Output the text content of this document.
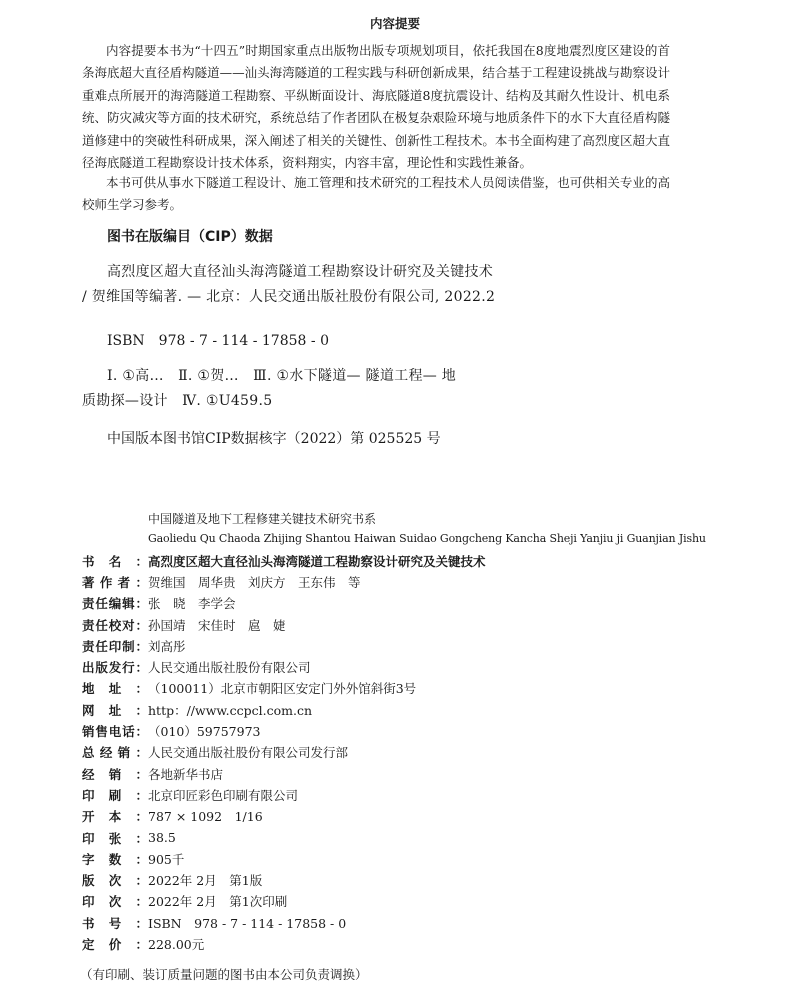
内容提要
内容提要本书为“十四五”时期国家重点出版物出版专项规划项目，依托我国在8度地震烈度区建设的首条海底超大直径盾构隧道——汕头海湾隧道的工程实践与科研创新成果，结合基于工程建设挑战与勘察设计重难点所展开的海湾隧道工程勘察、平纵断面设计、海底隧道8度抗震设计、结构及其耐久性设计、机电系统、防灾减灾等方面的技术研究，系统总结了作者团队在极复杂艰险环境与地质条件下的水下大直径盾构隧道修建中的突破性科研成果，深入阐述了相关的关键性、创新性工程技术。本书全面构建了高烈度区超大直径海底隧道工程勘察设计技术体系，资料翔实，内容丰富，理论性和实践性兼备。
本书可供从事水下隧道工程设计、施工管理和技术研究的工程技术人员阅读借鉴，也可供相关专业的高校师生学习参考。
图书在版编目（CIP）数据
高烈度区超大直径汕头海湾隧道工程勘察设计研究及关键技术 / 贺维国等编著. — 北京：人民交通出版社股份有限公司, 2022.2
ISBN　978 - 7 - 114 - 17858 - 0
Ⅰ. ①高…　Ⅱ. ①贺…　Ⅲ. ①水下隧道— 隧道工程— 地质勘探—设计　Ⅳ. ①U459.5
中国版本图书馆CIP数据核字（2022）第 025525 号
中国隧道及地下工程修建关键技术研究书系
Gaoliedu Qu Chaoda Zhijing Shantou Haiwan Suidao Gongcheng Kancha Sheji Yanjiu ji Guanjian Jishu
书 名 ： 高烈度区超大直径汕头海湾隧道工程勘察设计研究及关键技术
著 作 者 ： 贺维国　周华贵　刘庆方　王东伟　等
责 任 编 辑 ： 张　晓　李学会
责 任 校 对 ： 孙国靖　宋佳时　扈　婕
责 任 印 制 ： 刘高彤
出 版 发 行 ： 人民交通出版社股份有限公司
地 址 ： （100011）北京市朝阳区安定门外外馆斜街3号
网 址 ： http：//www.ccpcl.com.cn
销 售 电 话 ： （010）59757973
总 经 销 ： 人民交通出版社股份有限公司发行部
经 销 ： 各地新华书店
印 刷 ： 北京印匠彩色印刷有限公司
开 本 ： 787 × 1092　1/16
印 张 ： 38.5
字 数 ： 905千
版 次 ： 2022年 2月　第1版
印 次 ： 2022年 2月　第1次印刷
书 号 ： ISBN　978 - 7 - 114 - 17858 - 0
定 价 ： 228.00元
（有印刷、装订质量问题的图书由本公司负责调换）
